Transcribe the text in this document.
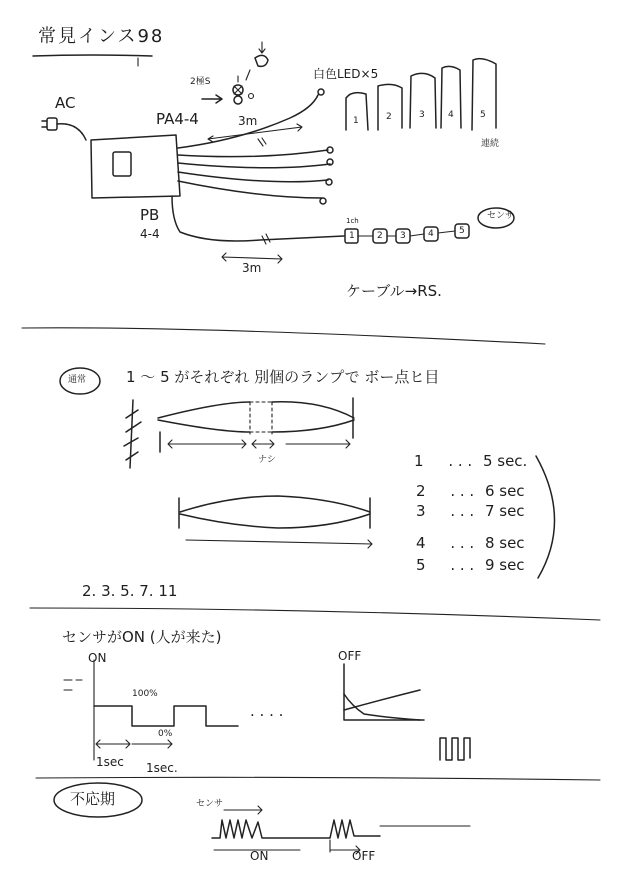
常見インス98
AC
PA4-4	3m
白色LED×5
連続
2極S
PB
4-4
3m
センサ
1ch
ケーブル→RS.
1	2	3	4	5
1 2 3 4	5
通常	1 〜 5 がそれぞれ 別個のランプで ボー点ヒ目
ナシ	1 . . . 5 sec.
2 . . . 6 sec
3 . . . 7 sec
4 . . . 8 sec
5 . . . 9 sec
2. 3. 5. 7. 11
センサがON (人が来た)
ON	OFF
100%
0%
1sec 1sec.
. . . .
不応期	センサ
ON	OFF
